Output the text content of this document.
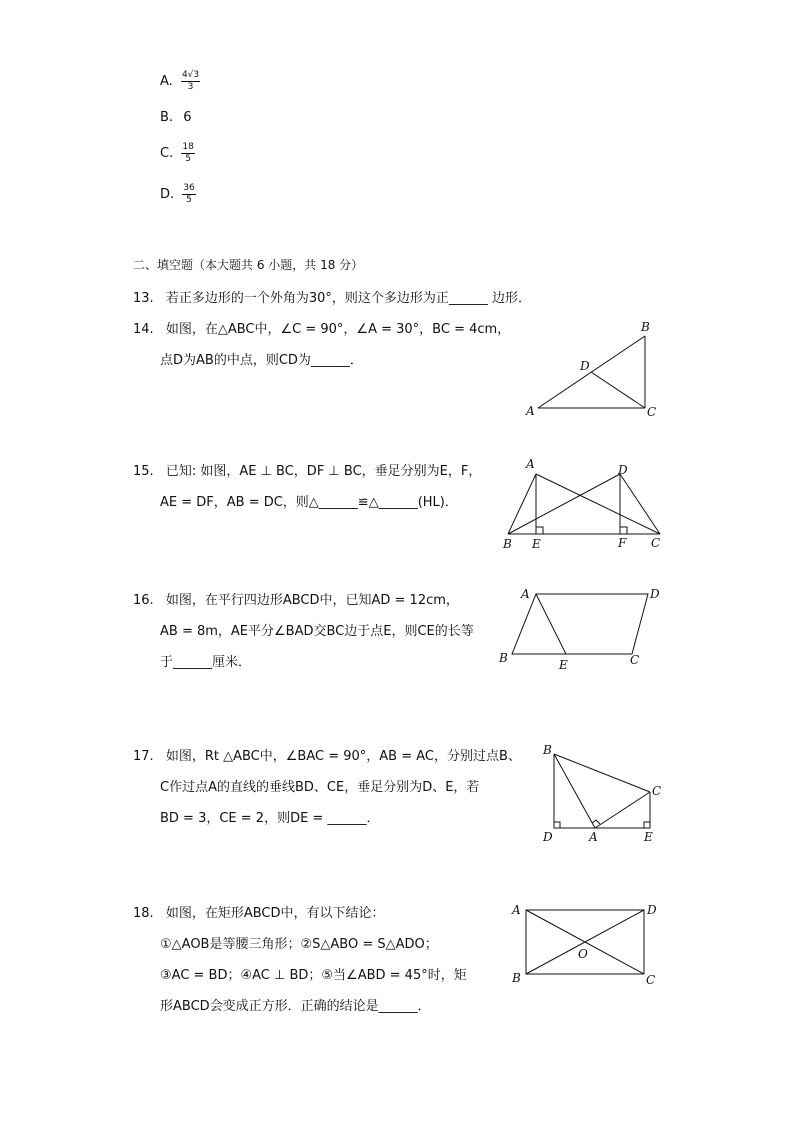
A. $\frac{4√3}{3}$
B. 6
C. $\frac{18}{5}$
D. $\frac{36}{5}$
二、填空题（本大题共 6 小题，共 18 分）
13. 若正多边形的一个外角为30°，则这个多边形为正______ 边形．
14. 如图，在△ABC中，∠C = 90°，∠A = 30°，BC = 4cm，
点D为AB的中点，则CD为______．
A
B
C
D
15. 已知: 如图，AE ⊥ BC，DF ⊥ BC，垂足分别为E，F，
AE = DF，AB = DC，则△______≌△______(HL)．
A	D
B E	F C
16. 如图，在平行四边形ABCD中，已知AD = 12cm，
AB = 8m，AE平分∠BAD交BC边于点E，则CE的长等
于______厘米．
A	D
B	E	C
17. 如图，Rt △ABC中，∠BAC = 90°，AB = AC，分别过点B、
C作过点A的直线的垂线BD、CE，垂足分别为D、E，若
BD = 3，CE = 2，则DE = ______．
B
C
D	A	E
18. 如图，在矩形ABCD中，有以下结论：
①△AOB是等腰三角形；②S△ABO = S△ADO；
③AC = BD；④AC ⊥ BD；⑤当∠ABD = 45°时，矩
形ABCD会变成正方形．正确的结论是______．
A	D
B	C
O
